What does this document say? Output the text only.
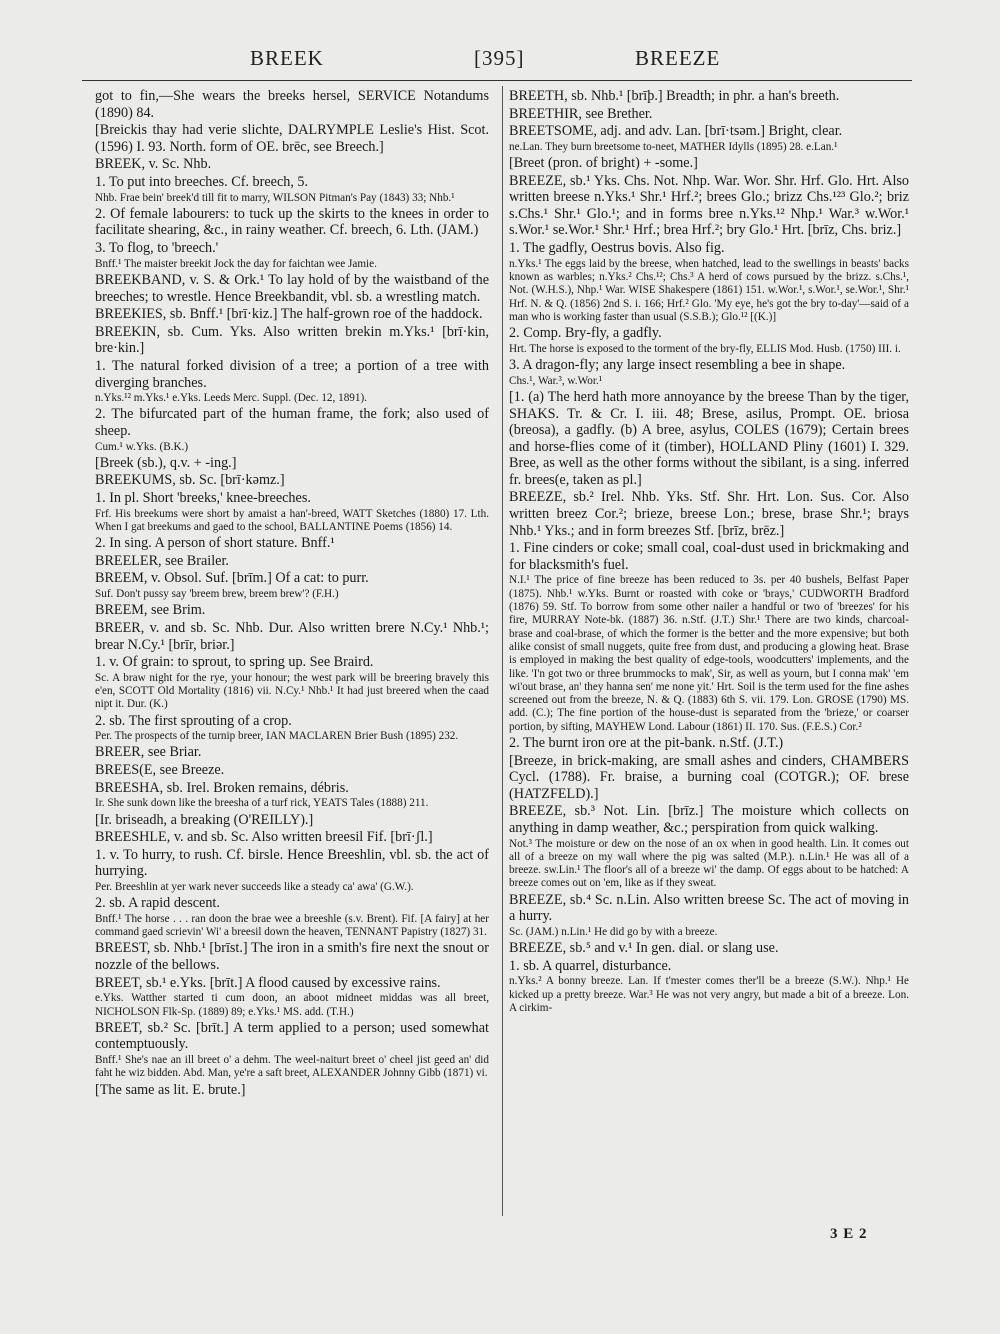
BREEK	[395]	BREEZE
got to fin,—She wears the breeks hersel, SERVICE Notandums (1890) 84.
[Breickis thay had verie slichte, DALRYMPLE Leslie's Hist. Scot. (1596) I. 93. North. form of OE. brēc, see Breech.]
BREEK, v. Sc. Nhb.
1. To put into breeches. Cf. breech, 5.
Nhb. Frae bein' breek'd till fit to marry, WILSON Pitman's Pay (1843) 33; Nhb.¹
2. Of female labourers: to tuck up the skirts to the knees in order to facilitate shearing, &c., in rainy weather. Cf. breech, 6. Lth. (JAM.)
3. To flog, to 'breech.'
Bnff.¹ The maister breekit Jock the day for faichtan wee Jamie.
BREEKBAND, v. S. & Ork.¹ To lay hold of by the waistband of the breeches; to wrestle. Hence Breekbandit, vbl. sb. a wrestling match.
BREEKIES, sb. Bnff.¹ [brī·kiz.] The half-grown roe of the haddock.
BREEKIN, sb. Cum. Yks. Also written brekin m.Yks.¹ [brī·kin, bre·kin.]
1. The natural forked division of a tree; a portion of a tree with diverging branches.
n.Yks.¹² m.Yks.¹ e.Yks. Leeds Merc. Suppl. (Dec. 12, 1891).
2. The bifurcated part of the human frame, the fork; also used of sheep.
Cum.¹ w.Yks. (B.K.)
[Breek (sb.), q.v. + -ing.]
BREEKUMS, sb. Sc. [brī·kəmz.]
1. In pl. Short 'breeks,' knee-breeches.
Frf. His breekums were short by amaist a han'-breed, WATT Sketches (1880) 17. Lth. When I gat breekums and gaed to the school, BALLANTINE Poems (1856) 14.
2. In sing. A person of short stature. Bnff.¹
BREELER, see Brailer.
BREEM, v. Obsol. Suf. [brīm.] Of a cat: to purr.
Suf. Don't pussy say 'breem brew, breem brew'? (F.H.)
BREEM, see Brim.
BREER, v. and sb. Sc. Nhb. Dur. Also written brere N.Cy.¹ Nhb.¹; brear N.Cy.¹ [brīr, briər.]
1. v. Of grain: to sprout, to spring up. See Braird.
Sc. A braw night for the rye, your honour; the west park will be breering bravely this e'en, SCOTT Old Mortality (1816) vii. N.Cy.¹ Nhb.¹ It had just breered when the caad nipt it. Dur. (K.)
2. sb. The first sprouting of a crop.
Per. The prospects of the turnip breer, IAN MACLAREN Brier Bush (1895) 232.
BREER, see Briar.
BREES(E, see Breeze.
BREESHA, sb. Irel. Broken remains, débris.
Ir. She sunk down like the breesha of a turf rick, YEATS Tales (1888) 211.
[Ir. briseadh, a breaking (O'REILLY).]
BREESHLE, v. and sb. Sc. Also written breesil Fif. [brī·ʃl.]
1. v. To hurry, to rush. Cf. birsle. Hence Breeshlin, vbl. sb. the act of hurrying.
Per. Breeshlin at yer wark never succeeds like a steady ca' awa' (G.W.).
2. sb. A rapid descent.
Bnff.¹ The horse . . . ran doon the brae wee a breeshle (s.v. Brent). Fif. [A fairy] at her command gaed scrievin' Wi' a breesil down the heaven, TENNANT Papistry (1827) 31.
BREEST, sb. Nhb.¹ [brīst.] The iron in a smith's fire next the snout or nozzle of the bellows.
BREET, sb.¹ e.Yks. [brīt.] A flood caused by excessive rains.
e.Yks. Watther started ti cum doon, an aboot midneet middas was all breet, NICHOLSON Flk-Sp. (1889) 89; e.Yks.¹ MS. add. (T.H.)
BREET, sb.² Sc. [brīt.] A term applied to a person; used somewhat contemptuously.
Bnff.¹ She's nae an ill breet o' a dehm. The weel-naiturt breet o' cheel jist geed an' did faht he wiz bidden. Abd. Man, ye're a saft breet, ALEXANDER Johnny Gibb (1871) vi.
[The same as lit. E. brute.]
BREETH, sb. Nhb.¹ [brīþ.] Breadth; in phr. a han's breeth.
BREETHIR, see Brether.
BREETSOME, adj. and adv. Lan. [brī·tsəm.] Bright, clear.
ne.Lan. They burn breetsome to-neet, MATHER Idylls (1895) 28. e.Lan.¹
[Breet (pron. of bright) + -some.]
BREEZE, sb.¹ Yks. Chs. Not. Nhp. War. Wor. Shr. Hrf. Glo. Hrt. Also written breese n.Yks.¹ Shr.¹ Hrf.²; brees Glo.; brizz Chs.¹²³ Glo.²; briz s.Chs.¹ Shr.¹ Glo.¹; and in forms bree n.Yks.¹² Nhp.¹ War.³ w.Wor.¹ s.Wor.¹ se.Wor.¹ Shr.¹ Hrf.; brea Hrf.²; bry Glo.¹ Hrt. [brīz, Chs. briz.]
1. The gadfly, Oestrus bovis. Also fig.
n.Yks.¹ The eggs laid by the breese, when hatched, lead to the swellings in beasts' backs known as warbles; n.Yks.² Chs.¹²; Chs.³ A herd of cows pursued by the brizz. s.Chs.¹, Not. (W.H.S.), Nhp.¹ War. WISE Shakespere (1861) 151. w.Wor.¹, s.Wor.¹, se.Wor.¹, Shr.¹ Hrf. N. & Q. (1856) 2nd S. i. 166; Hrf.² Glo. 'My eye, he's got the bry to-day'—said of a man who is working faster than usual (S.S.B.); Glo.¹² [(K.)]
2. Comp. Bry-fly, a gadfly.
Hrt. The horse is exposed to the torment of the bry-fly, ELLIS Mod. Husb. (1750) III. i.
3. A dragon-fly; any large insect resembling a bee in shape.
Chs.¹, War.³, w.Wor.¹
[1. (a) The herd hath more annoyance by the breese Than by the tiger, SHAKS. Tr. & Cr. I. iii. 48; Brese, asilus, Prompt. OE. briosa (breosa), a gadfly. (b) A bree, asylus, COLES (1679); Certain brees and horse-flies come of it (timber), HOLLAND Pliny (1601) I. 329. Bree, as well as the other forms without the sibilant, is a sing. inferred fr. brees(e, taken as pl.]
BREEZE, sb.² Irel. Nhb. Yks. Stf. Shr. Hrt. Lon. Sus. Cor. Also written breez Cor.²; brieze, breese Lon.; brese, brase Shr.¹; brays Nhb.¹ Yks.; and in form breezes Stf. [brīz, brēz.]
1. Fine cinders or coke; small coal, coal-dust used in brickmaking and for blacksmith's fuel.
N.I.¹ The price of fine breeze has been reduced to 3s. per 40 bushels, Belfast Paper (1875). Nhb.¹ w.Yks. Burnt or roasted with coke or 'brays,' CUDWORTH Bradford (1876) 59. Stf. To borrow from some other nailer a handful or two of 'breezes' for his fire, MURRAY Note-bk. (1887) 36. n.Stf. (J.T.) Shr.¹ There are two kinds, charcoal-brase and coal-brase, of which the former is the better and the more expensive; but both alike consist of small nuggets, quite free from dust, and producing a glowing heat. Brase is employed in making the best quality of edge-tools, woodcutters' implements, and the like. 'I'n got two or three brummocks to mak', Sir, as well as yourn, but I conna mak' 'em wi'out brase, an' they hanna sen' me none yit.' Hrt. Soil is the term used for the fine ashes screened out from the breeze, N. & Q. (1883) 6th S. vii. 179. Lon. GROSE (1790) MS. add. (C.); The fine portion of the house-dust is separated from the 'brieze,' or coarser portion, by sifting, MAYHEW Lond. Labour (1861) II. 170. Sus. (F.E.S.) Cor.²
2. The burnt iron ore at the pit-bank. n.Stf. (J.T.)
[Breeze, in brick-making, are small ashes and cinders, CHAMBERS Cycl. (1788). Fr. braise, a burning coal (COTGR.); OF. brese (HATZFELD).]
BREEZE, sb.³ Not. Lin. [brīz.] The moisture which collects on anything in damp weather, &c.; perspiration from quick walking.
Not.³ The moisture or dew on the nose of an ox when in good health. Lin. It comes out all of a breeze on my wall where the pig was salted (M.P.). n.Lin.¹ He was all of a breeze. sw.Lin.¹ The floor's all of a breeze wi' the damp. Of eggs about to be hatched: A breeze comes out on 'em, like as if they sweat.
BREEZE, sb.⁴ Sc. n.Lin. Also written breese Sc. The act of moving in a hurry.
Sc. (JAM.) n.Lin.¹ He did go by with a breeze.
BREEZE, sb.⁵ and v.¹ In gen. dial. or slang use.
1. sb. A quarrel, disturbance.
n.Yks.² A bonny breeze. Lan. If t'mester comes ther'll be a breeze (S.W.). Nhp.¹ He kicked up a pretty breeze. War.³ He was not very angry, but made a bit of a breeze. Lon. A cirkim-
3 E 2
